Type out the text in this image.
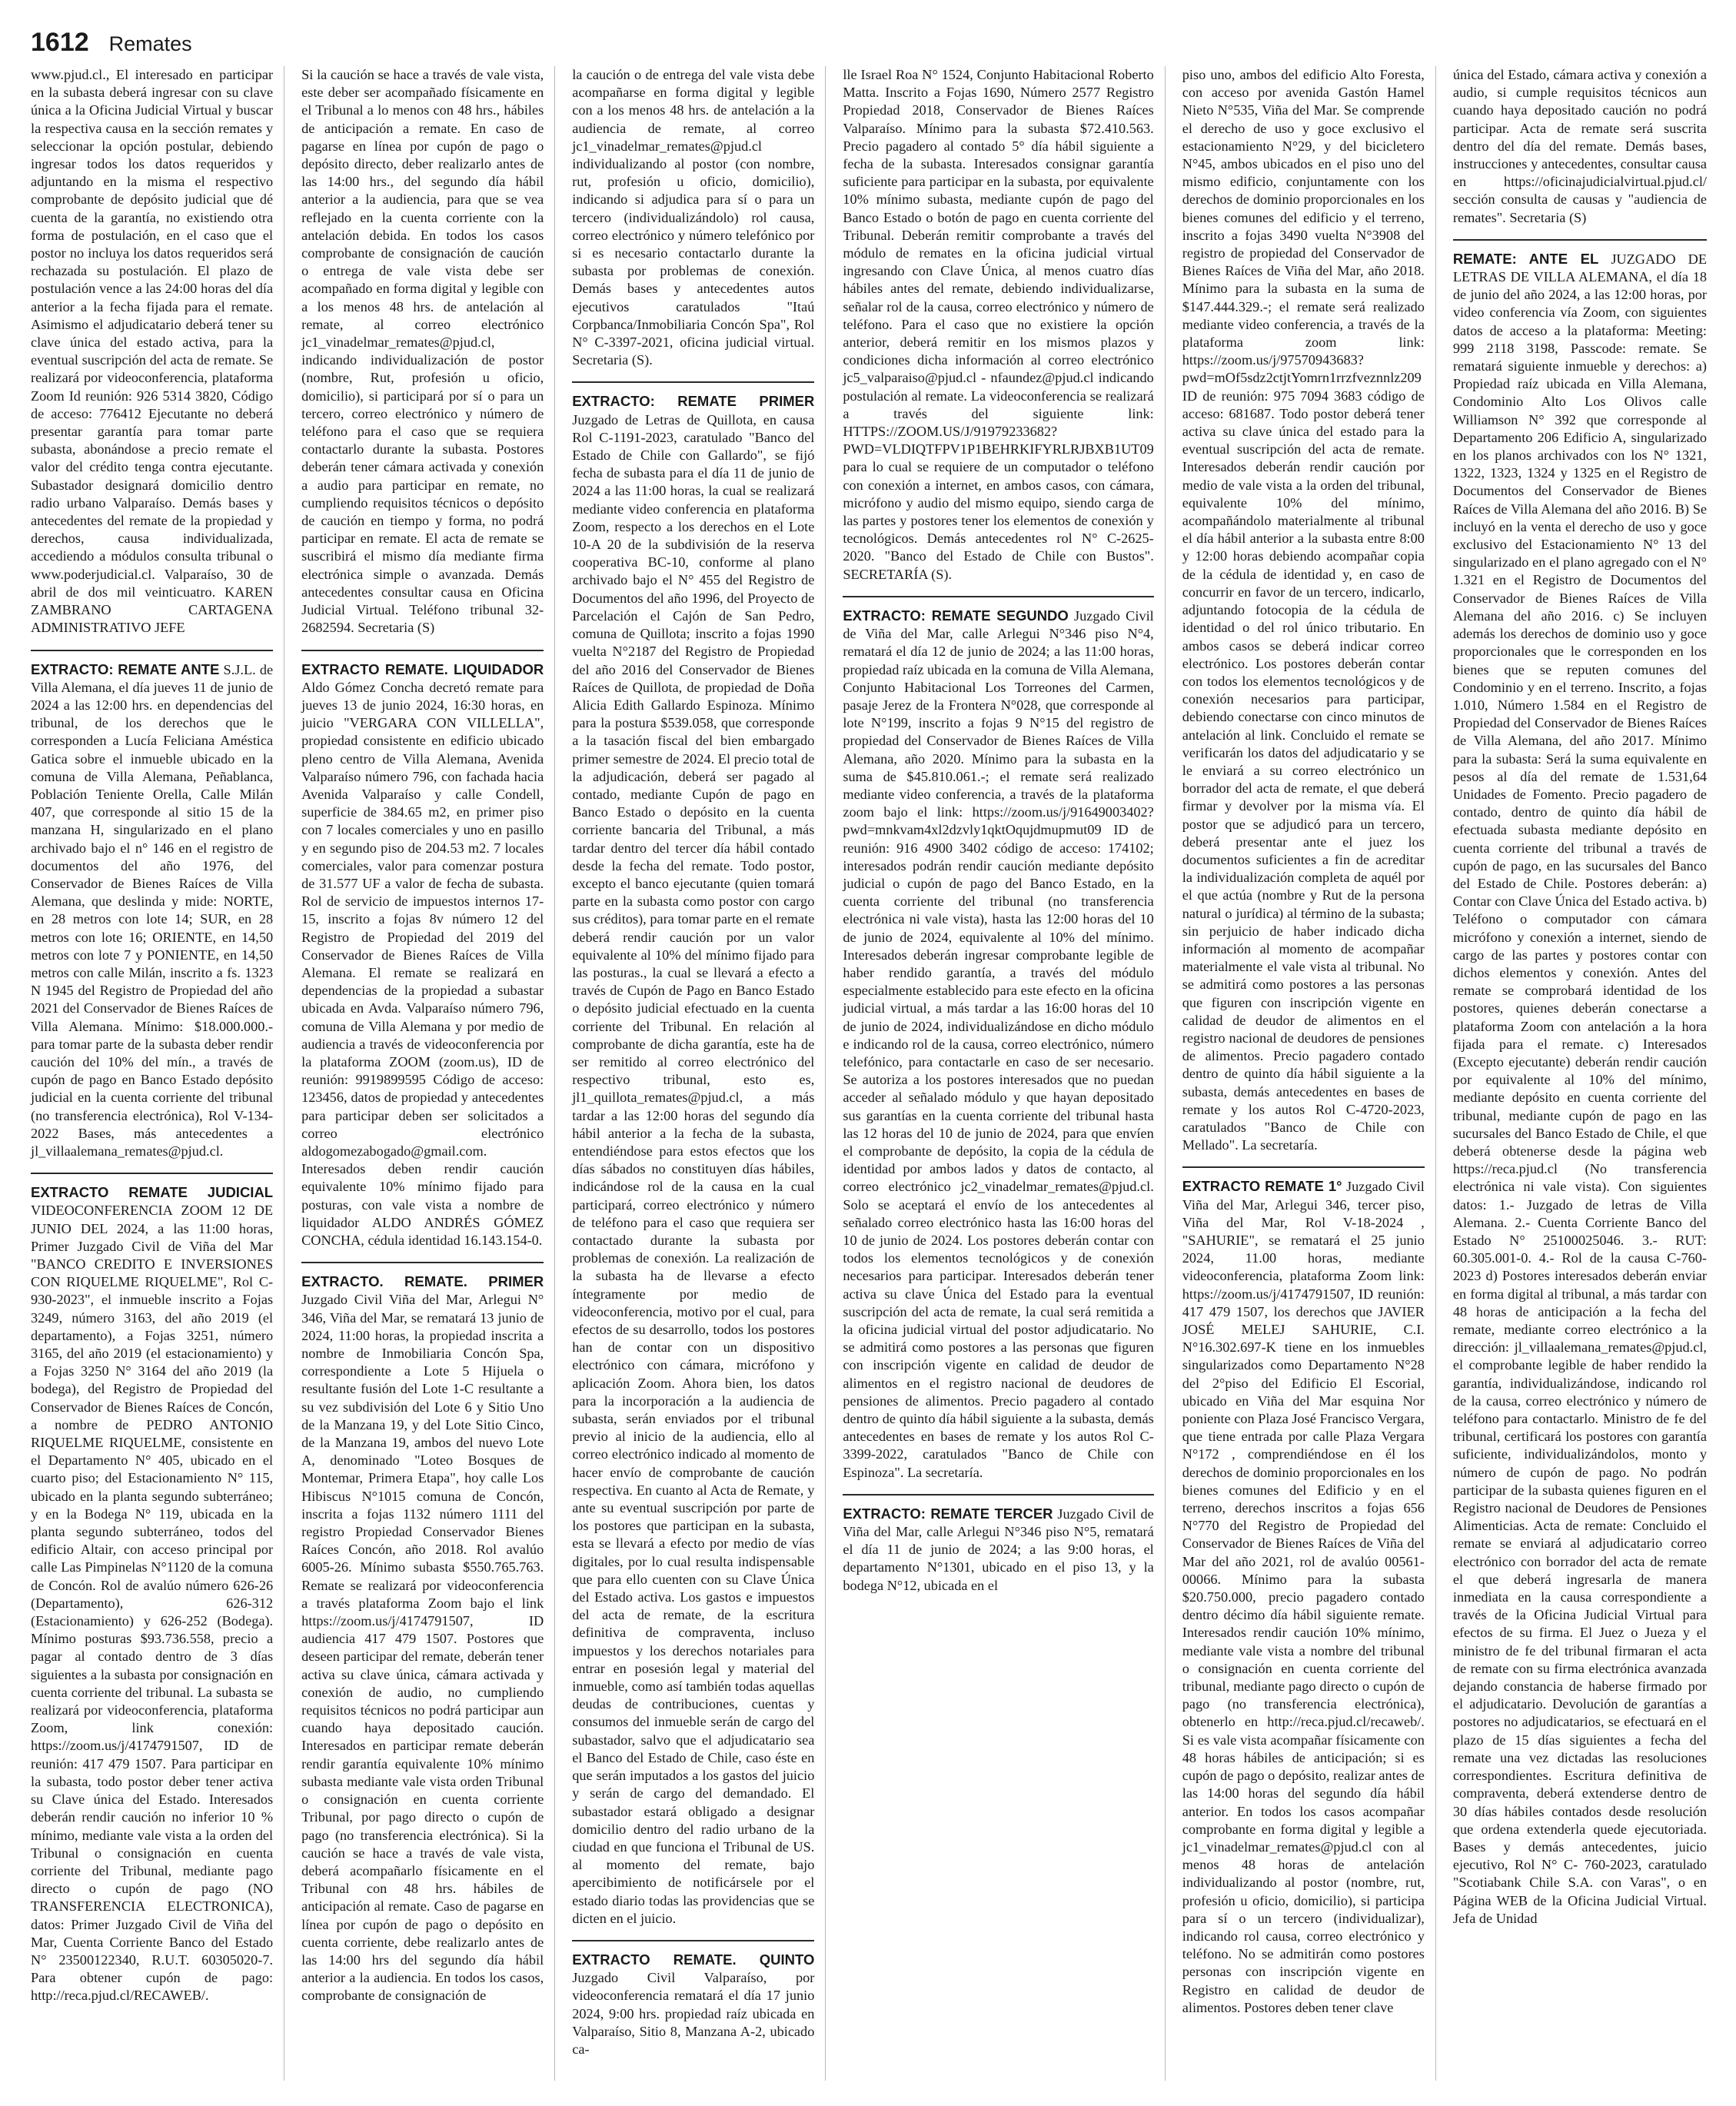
1612 Remates

www.pjud.cl., El interesado en participar en la subasta deberá ingresar con su clave única a la Oficina Judicial Virtual y buscar la respectiva causa en la sección remates y seleccionar la opción postular, debiendo ingresar todos los datos requeridos y adjuntando en la misma el respectivo comprobante de depósito judicial que dé cuenta de la garantía, no existiendo otra forma de postulación, en el caso que el postor no incluya los datos requeridos será rechazada su postulación. El plazo de postulación vence a las 24:00 horas del día anterior a la fecha fijada para el remate. Asimismo el adjudicatario deberá tener su clave única del estado activa, para la eventual suscripción del acta de remate. Se realizará por videoconferencia, plataforma Zoom Id reunión: 926 5314 3820, Código de acceso: 776412 Ejecutante no deberá presentar garantía para tomar parte subasta, abonándose a precio remate el valor del crédito tenga contra ejecutante. Subastador designará domicilio dentro radio urbano Valparaíso. Demás bases y antecedentes del remate de la propiedad y derechos, causa individualizada, accediendo a módulos consulta tribunal o www.poderjudicial.cl. Valparaíso, 30 de abril de dos mil veinticuatro. KAREN ZAMBRANO CARTAGENA ADMINISTRATIVO JEFE

EXTRACTO: REMATE ANTE S.J.L. de Villa Alemana, el día jueves 11 de junio de 2024 a las 12:00 hrs. en dependencias del tribunal, de los derechos que le corresponden a Lucía Feliciana Améstica Gatica sobre el inmueble ubicado en la comuna de Villa Alemana, Peñablanca, Población Teniente Orella, Calle Milán 407, que corresponde al sitio 15 de la manzana H, singularizado en el plano archivado bajo el n° 146 en el registro de documentos del año 1976, del Conservador de Bienes Raíces de Villa Alemana, que deslinda y mide: NORTE, en 28 metros con lote 14; SUR, en 28 metros con lote 16; ORIENTE, en 14,50 metros con lote 7 y PONIENTE, en 14,50 metros con calle Milán, inscrito a fs. 1323 N 1945 del Registro de Propiedad del año 2021 del Conservador de Bienes Raíces de Villa Alemana. Mínimo: $18.000.000.- para tomar parte de la subasta deber rendir caución del 10% del mín., a través de cupón de pago en Banco Estado depósito judicial en la cuenta corriente del tribunal (no transferencia electrónica), Rol V-134-2022 Bases, más antecedentes a jl_villaalemana_remates@pjud.cl.

EXTRACTO REMATE JUDICIAL VIDEOCONFERENCIA ZOOM 12 DE JUNIO DEL 2024, a las 11:00 horas, Primer Juzgado Civil de Viña del Mar "BANCO CREDITO E INVERSIONES CON RIQUELME RIQUELME", Rol C-930-2023", el inmueble inscrito a Fojas 3249, número 3163, del año 2019 (el departamento), a Fojas 3251, número 3165, del año 2019 (el estacionamiento) y a Fojas 3250 N° 3164 del año 2019 (la bodega), del Registro de Propiedad del Conservador de Bienes Raíces de Concón, a nombre de PEDRO ANTONIO RIQUELME RIQUELME, consistente en el Departamento N° 405, ubicado en el cuarto piso; del Estacionamiento N° 115, ubicado en la planta segundo subterráneo; y en la Bodega N° 119, ubicada en la planta segundo subterráneo, todos del edificio Altair, con acceso principal por calle Las Pimpinelas N°1120 de la comuna de Concón. Rol de avalúo número 626-26 (Departamento), 626-312 (Estacionamiento) y 626-252 (Bodega). Mínimo posturas $93.736.558, precio a pagar al contado dentro de 3 días siguientes a la subasta por consignación en cuenta corriente del tribunal. La subasta se realizará por videoconferencia, plataforma Zoom, link conexión: https://zoom.us/j/4174791507, ID de reunión: 417 479 1507. Para participar en la subasta, todo postor deber tener activa su Clave única del Estado. Interesados deberán rendir caución no inferior 10 % mínimo, mediante vale vista a la orden del Tribunal o consignación en cuenta corriente del Tribunal, mediante pago directo o cupón de pago (NO TRANSFERENCIA ELECTRONICA), datos: Primer Juzgado Civil de Viña del Mar, Cuenta Corriente Banco del Estado N° 23500122340, R.U.T. 60305020-7. Para obtener cupón de pago: http://reca.pjud.cl/RECAWEB/.

Si la caución se hace a través de vale vista, este deber ser acompañado físicamente en el Tribunal a lo menos con 48 hrs., hábiles de anticipación a remate. En caso de pagarse en línea por cupón de pago o depósito directo, deber realizarlo antes de las 14:00 hrs., del segundo día hábil anterior a la audiencia, para que se vea reflejado en la cuenta corriente con la antelación debida. En todos los casos comprobante de consignación de caución o entrega de vale vista debe ser acompañado en forma digital y legible con a los menos 48 hrs. de antelación al remate, al correo electrónico jc1_vinadelmar_remates@pjud.cl, indicando individualización de postor (nombre, Rut, profesión u oficio, domicilio), si participará por sí o para un tercero, correo electrónico y número de teléfono para el caso que se requiera contactarlo durante la subasta. Postores deberán tener cámara activada y conexión a audio para participar en remate, no cumpliendo requisitos técnicos o depósito de caución en tiempo y forma, no podrá participar en remate. El acta de remate se suscribirá el mismo día mediante firma electrónica simple o avanzada. Demás antecedentes consultar causa en Oficina Judicial Virtual. Teléfono tribunal 32-2682594. Secretaria (S)

EXTRACTO REMATE. LIQUIDADOR Aldo Gómez Concha decretó remate para jueves 13 de junio 2024, 16:30 horas, en juicio "VERGARA CON VILLELLA", propiedad consistente en edificio ubicado pleno centro de Villa Alemana, Avenida Valparaíso número 796, con fachada hacia Avenida Valparaíso y calle Condell, superficie de 384.65 m2, en primer piso con 7 locales comerciales y uno en pasillo y en segundo piso de 204.53 m2. 7 locales comerciales, valor para comenzar postura de 31.577 UF a valor de fecha de subasta. Rol de servicio de impuestos internos 17-15, inscrito a fojas 8v número 12 del Registro de Propiedad del 2019 del Conservador de Bienes Raíces de Villa Alemana. El remate se realizará en dependencias de la propiedad a subastar ubicada en Avda. Valparaíso número 796, comuna de Villa Alemana y por medio de audiencia a través de videoconferencia por la plataforma ZOOM (zoom.us), ID de reunión: 9919899595 Código de acceso: 123456, datos de propiedad y antecedentes para participar deben ser solicitados a correo electrónico aldogomezabogado@gmail.com. Interesados deben rendir caución equivalente 10% mínimo fijado para posturas, con vale vista a nombre de liquidador ALDO ANDRÉS GÓMEZ CONCHA, cédula identidad 16.143.154-0.

EXTRACTO. REMATE. PRIMER Juzgado Civil Viña del Mar, Arlegui N° 346, Viña del Mar, se rematará 13 junio de 2024, 11:00 horas, la propiedad inscrita a nombre de Inmobiliaria Concón Spa, correspondiente a Lote 5 Hijuela o resultante fusión del Lote 1-C resultante a su vez subdivisión del Lote 6 y Sitio Uno de la Manzana 19, y del Lote Sitio Cinco, de la Manzana 19, ambos del nuevo Lote A, denominado "Loteo Bosques de Montemar, Primera Etapa", hoy calle Los Hibiscus N°1015 comuna de Concón, inscrita a fojas 1132 número 1111 del registro Propiedad Conservador Bienes Raíces Concón, año 2018. Rol avalúo 6005-26. Mínimo subasta $550.765.763. Remate se realizará por videoconferencia a través plataforma Zoom bajo el link https://zoom.us/j/4174791507, ID audiencia 417 479 1507. Postores que deseen participar del remate, deberán tener activa su clave única, cámara activada y conexión de audio, no cumpliendo requisitos técnicos no podrá participar aun cuando haya depositado caución. Interesados en participar remate deberán rendir garantía equivalente 10% mínimo subasta mediante vale vista orden Tribunal o consignación en cuenta corriente Tribunal, por pago directo o cupón de pago (no transferencia electrónica). Si la caución se hace a través de vale vista, deberá acompañarlo físicamente en el Tribunal con 48 hrs. hábiles de anticipación al remate. Caso de pagarse en línea por cupón de pago o depósito en cuenta corriente, debe realizarlo antes de las 14:00 hrs del segundo día hábil anterior a la audiencia. En todos los casos, comprobante de consignación de

la caución o de entrega del vale vista debe acompañarse en forma digital y legible con a los menos 48 hrs. de antelación a la audiencia de remate, al correo jc1_vinadelmar_remates@pjud.cl individualizando al postor (con nombre, rut, profesión u oficio, domicilio), indicando si adjudica para sí o para un tercero (individualizándolo) rol causa, correo electrónico y número telefónico por si es necesario contactarlo durante la subasta por problemas de conexión. Demás bases y antecedentes autos ejecutivos caratulados "Itaú Corpbanca/Inmobiliaria Concón Spa", Rol N° C-3397-2021, oficina judicial virtual. Secretaria (S).

EXTRACTO: REMATE PRIMER Juzgado de Letras de Quillota, en causa Rol C-1191-2023, caratulado "Banco del Estado de Chile con Gallardo", se fijó fecha de subasta para el día 11 de junio de 2024 a las 11:00 horas, la cual se realizará mediante video conferencia en plataforma Zoom, respecto a los derechos en el Lote 10-A 20 de la subdivisión de la reserva cooperativa BC-10, conforme al plano archivado bajo el N° 455 del Registro de Documentos del año 1996, del Proyecto de Parcelación el Cajón de San Pedro, comuna de Quillota; inscrito a fojas 1990 vuelta N°2187 del Registro de Propiedad del año 2016 del Conservador de Bienes Raíces de Quillota, de propiedad de Doña Alicia Edith Gallardo Espinoza. Mínimo para la postura $539.058, que corresponde a la tasación fiscal del bien embargado primer semestre de 2024. El precio total de la adjudicación, deberá ser pagado al contado, mediante Cupón de pago en Banco Estado o depósito en la cuenta corriente bancaria del Tribunal, a más tardar dentro del tercer día hábil contado desde la fecha del remate. Todo postor, excepto el banco ejecutante (quien tomará parte en la subasta como postor con cargo sus créditos), para tomar parte en el remate deberá rendir caución por un valor equivalente al 10% del mínimo fijado para las posturas., la cual se llevará a efecto a través de Cupón de Pago en Banco Estado o depósito judicial efectuado en la cuenta corriente del Tribunal. En relación al comprobante de dicha garantía, este ha de ser remitido al correo electrónico del respectivo tribunal, esto es, jl1_quillota_remates@pjud.cl, a más tardar a las 12:00 horas del segundo día hábil anterior a la fecha de la subasta, entendiéndose para estos efectos que los días sábados no constituyen días hábiles, indicándose rol de la causa en la cual participará, correo electrónico y número de teléfono para el caso que requiera ser contactado durante la subasta por problemas de conexión. La realización de la subasta ha de llevarse a efecto íntegramente por medio de videoconferencia, motivo por el cual, para efectos de su desarrollo, todos los postores han de contar con un dispositivo electrónico con cámara, micrófono y aplicación Zoom. Ahora bien, los datos para la incorporación a la audiencia de subasta, serán enviados por el tribunal previo al inicio de la audiencia, ello al correo electrónico indicado al momento de hacer envío de comprobante de caución respectiva. En cuanto al Acta de Remate, y ante su eventual suscripción por parte de los postores que participan en la subasta, esta se llevará a efecto por medio de vías digitales, por lo cual resulta indispensable que para ello cuenten con su Clave Única del Estado activa. Los gastos e impuestos del acta de remate, de la escritura definitiva de compraventa, incluso impuestos y los derechos notariales para entrar en posesión legal y material del inmueble, como así también todas aquellas deudas de contribuciones, cuentas y consumos del inmueble serán de cargo del subastador, salvo que el adjudicatario sea el Banco del Estado de Chile, caso éste en que serán imputados a los gastos del juicio y serán de cargo del demandado. El subastador estará obligado a designar domicilio dentro del radio urbano de la ciudad en que funciona el Tribunal de US. al momento del remate, bajo apercibimiento de notificársele por el estado diario todas las providencias que se dicten en el juicio.

EXTRACTO REMATE. QUINTO Juzgado Civil Valparaíso, por videoconferencia rematará el día 17 junio 2024, 9:00 hrs. propiedad raíz ubicada en Valparaíso, Sitio 8, Manzana A-2, ubicado ca-

lle Israel Roa N° 1524, Conjunto Habitacional Roberto Matta. Inscrito a Fojas 1690, Número 2577 Registro Propiedad 2018, Conservador de Bienes Raíces Valparaíso. Mínimo para la subasta $72.410.563. Precio pagadero al contado 5° día hábil siguiente a fecha de la subasta. Interesados consignar garantía suficiente para participar en la subasta, por equivalente 10% mínimo subasta, mediante cupón de pago del Banco Estado o botón de pago en cuenta corriente del Tribunal. Deberán remitir comprobante a través del módulo de remates en la oficina judicial virtual ingresando con Clave Única, al menos cuatro días hábiles antes del remate, debiendo individualizarse, señalar rol de la causa, correo electrónico y número de teléfono. Para el caso que no existiere la opción anterior, deberá remitir en los mismos plazos y condiciones dicha información al correo electrónico jc5_valparaiso@pjud.cl - nfaundez@pjud.cl indicando postulación al remate. La videoconferencia se realizará a través del siguiente link: HTTPS://ZOOM.US/J/91979233682?PWD=VLDIQTFPV1P1BEHRKIFYRLRJBXB1UT09 para lo cual se requiere de un computador o teléfono con conexión a internet, en ambos casos, con cámara, micrófono y audio del mismo equipo, siendo carga de las partes y postores tener los elementos de conexión y tecnológicos. Demás antecedentes rol N° C-2625-2020. "Banco del Estado de Chile con Bustos". SECRETARÍA (S).

EXTRACTO: REMATE SEGUNDO Juzgado Civil de Viña del Mar, calle Arlegui N°346 piso N°4, rematará el día 12 de junio de 2024; a las 11:00 horas, propiedad raíz ubicada en la comuna de Villa Alemana, Conjunto Habitacional Los Torreones del Carmen, pasaje Jerez de la Frontera N°028, que corresponde al lote N°199, inscrito a fojas 9 N°15 del registro de propiedad del Conservador de Bienes Raíces de Villa Alemana, año 2020. Mínimo para la subasta en la suma de $45.810.061.-; el remate será realizado mediante video conferencia, a través de la plataforma zoom bajo el link: https://zoom.us/j/91649003402?pwd=mnkvam4xl2dzvly1qktOqujdmupmut09 ID de reunión: 916 4900 3402 código de acceso: 174102; interesados podrán rendir caución mediante depósito judicial o cupón de pago del Banco Estado, en la cuenta corriente del tribunal (no transferencia electrónica ni vale vista), hasta las 12:00 horas del 10 de junio de 2024, equivalente al 10% del mínimo. Interesados deberán ingresar comprobante legible de haber rendido garantía, a través del módulo especialmente establecido para este efecto en la oficina judicial virtual, a más tardar a las 16:00 horas del 10 de junio de 2024, individualizándose en dicho módulo e indicando rol de la causa, correo electrónico, número telefónico, para contactarle en caso de ser necesario. Se autoriza a los postores interesados que no puedan acceder al señalado módulo y que hayan depositado sus garantías en la cuenta corriente del tribunal hasta las 12 horas del 10 de junio de 2024, para que envíen el comprobante de depósito, la copia de la cédula de identidad por ambos lados y datos de contacto, al correo electrónico jc2_vinadelmar_remates@pjud.cl. Solo se aceptará el envío de los antecedentes al señalado correo electrónico hasta las 16:00 horas del 10 de junio de 2024. Los postores deberán contar con todos los elementos tecnológicos y de conexión necesarios para participar. Interesados deberán tener activa su clave Única del Estado para la eventual suscripción del acta de remate, la cual será remitida a la oficina judicial virtual del postor adjudicatario. No se admitirá como postores a las personas que figuren con inscripción vigente en calidad de deudor de alimentos en el registro nacional de deudores de pensiones de alimentos. Precio pagadero al contado dentro de quinto día hábil siguiente a la subasta, demás antecedentes en bases de remate y los autos Rol C-3399-2022, caratulados "Banco de Chile con Espinoza". La secretaría.

EXTRACTO: REMATE TERCER Juzgado Civil de Viña del Mar, calle Arlegui N°346 piso N°5, rematará el día 11 de junio de 2024; a las 9:00 horas, el departamento N°1301, ubicado en el piso 13, y la bodega N°12, ubicada en el

piso uno, ambos del edificio Alto Foresta, con acceso por avenida Gastón Hamel Nieto N°535, Viña del Mar. Se comprende el derecho de uso y goce exclusivo el estacionamiento N°29, y del bicicletero N°45, ambos ubicados en el piso uno del mismo edificio, conjuntamente con los derechos de dominio proporcionales en los bienes comunes del edificio y el terreno, inscrito a fojas 3490 vuelta N°3908 del registro de propiedad del Conservador de Bienes Raíces de Viña del Mar, año 2018. Mínimo para la subasta en la suma de $147.444.329.-; el remate será realizado mediante video conferencia, a través de la plataforma zoom link: https://zoom.us/j/97570943683?pwd=mOf5sdz2ctjtYomrn1rrzfveznnlz209 ID de reunión: 975 7094 3683 código de acceso: 681687. Todo postor deberá tener activa su clave única del estado para la eventual suscripción del acta de remate. Interesados deberán rendir caución por medio de vale vista a la orden del tribunal, equivalente 10% del mínimo, acompañándolo materialmente al tribunal el día hábil anterior a la subasta entre 8:00 y 12:00 horas debiendo acompañar copia de la cédula de identidad y, en caso de concurrir en favor de un tercero, indicarlo, adjuntando fotocopia de la cédula de identidad o del rol único tributario. En ambos casos se deberá indicar correo electrónico. Los postores deberán contar con todos los elementos tecnológicos y de conexión necesarios para participar, debiendo conectarse con cinco minutos de antelación al link. Concluido el remate se verificarán los datos del adjudicatario y se le enviará a su correo electrónico un borrador del acta de remate, el que deberá firmar y devolver por la misma vía. El postor que se adjudicó para un tercero, deberá presentar ante el juez los documentos suficientes a fin de acreditar la individualización completa de aquél por el que actúa (nombre y Rut de la persona natural o jurídica) al término de la subasta; sin perjuicio de haber indicado dicha información al momento de acompañar materialmente el vale vista al tribunal. No se admitirá como postores a las personas que figuren con inscripción vigente en calidad de deudor de alimentos en el registro nacional de deudores de pensiones de alimentos. Precio pagadero contado dentro de quinto día hábil siguiente a la subasta, demás antecedentes en bases de remate y los autos Rol C-4720-2023, caratulados "Banco de Chile con Mellado". La secretaría.

EXTRACTO REMATE 1° Juzgado Civil Viña del Mar, Arlegui 346, tercer piso, Viña del Mar, Rol V-18-2024 , "SAHURIE", se rematará el 25 junio 2024, 11.00 horas, mediante videoconferencia, plataforma Zoom link: https://zoom.us/j/4174791507, ID reunión: 417 479 1507, los derechos que JAVIER JOSÉ MELEJ SAHURIE, C.I. N°16.302.697-K tiene en los inmuebles singularizados como Departamento N°28 del 2°piso del Edificio El Escorial, ubicado en Viña del Mar esquina Nor poniente con Plaza José Francisco Vergara, que tiene entrada por calle Plaza Vergara N°172 , comprendiéndose en él los derechos de dominio proporcionales en los bienes comunes del Edificio y en el terreno, derechos inscritos a fojas 656 N°770 del Registro de Propiedad del Conservador de Bienes Raíces de Viña del Mar del año 2021, rol de avalúo 00561-00066. Mínimo para la subasta $20.750.000, precio pagadero contado dentro décimo día hábil siguiente remate. Interesados rendir caución 10% mínimo, mediante vale vista a nombre del tribunal o consignación en cuenta corriente del tribunal, mediante pago directo o cupón de pago (no transferencia electrónica), obtenerlo en http://reca.pjud.cl/recaweb/. Si es vale vista acompañar físicamente con 48 horas hábiles de anticipación; si es cupón de pago o depósito, realizar antes de las 14:00 horas del segundo día hábil anterior. En todos los casos acompañar comprobante en forma digital y legible a jc1_vinadelmar_remates@pjud.cl con al menos 48 horas de antelación individualizando al postor (nombre, rut, profesión u oficio, domicilio), si participa para sí o un tercero (individualizar), indicando rol causa, correo electrónico y teléfono. No se admitirán como postores personas con inscripción vigente en Registro en calidad de deudor de alimentos. Postores deben tener clave

única del Estado, cámara activa y conexión a audio, si cumple requisitos técnicos aun cuando haya depositado caución no podrá participar. Acta de remate será suscrita dentro del día del remate. Demás bases, instrucciones y antecedentes, consultar causa en https://oficinajudicialvirtual.pjud.cl/ sección consulta de causas y "audiencia de remates". Secretaria (S)

REMATE: ANTE EL JUZGADO DE LETRAS DE VILLA ALEMANA, el día 18 de junio del año 2024, a las 12:00 horas, por video conferencia vía Zoom, con siguientes datos de acceso a la plataforma: Meeting: 999 2118 3198, Passcode: remate. Se rematará siguiente inmueble y derechos: a) Propiedad raíz ubicada en Villa Alemana, Condominio Alto Los Olivos calle Williamson N° 392 que corresponde al Departamento 206 Edificio A, singularizado en los planos archivados con los N° 1321, 1322, 1323, 1324 y 1325 en el Registro de Documentos del Conservador de Bienes Raíces de Villa Alemana del año 2016. B) Se incluyó en la venta el derecho de uso y goce exclusivo del Estacionamiento N° 13 del singularizado en el plano agregado con el N° 1.321 en el Registro de Documentos del Conservador de Bienes Raíces de Villa Alemana del año 2016. c) Se incluyen además los derechos de dominio uso y goce proporcionales que le corresponden en los bienes que se reputen comunes del Condominio y en el terreno. Inscrito, a fojas 1.010, Número 1.584 en el Registro de Propiedad del Conservador de Bienes Raíces de Villa Alemana, del año 2017. Mínimo para la subasta: Será la suma equivalente en pesos al día del remate de 1.531,64 Unidades de Fomento. Precio pagadero de contado, dentro de quinto día hábil de efectuada subasta mediante depósito en cuenta corriente del tribunal a través de cupón de pago, en las sucursales del Banco del Estado de Chile. Postores deberán: a) Contar con Clave Única del Estado activa. b) Teléfono o computador con cámara micrófono y conexión a internet, siendo de cargo de las partes y postores contar con dichos elementos y conexión. Antes del remate se comprobará identidad de los postores, quienes deberán conectarse a plataforma Zoom con antelación a la hora fijada para el remate. c) Interesados (Excepto ejecutante) deberán rendir caución por equivalente al 10% del mínimo, mediante depósito en cuenta corriente del tribunal, mediante cupón de pago en las sucursales del Banco Estado de Chile, el que deberá obtenerse desde la página web https://reca.pjud.cl (No transferencia electrónica ni vale vista). Con siguientes datos: 1.- Juzgado de letras de Villa Alemana. 2.- Cuenta Corriente Banco del Estado N° 25100025046. 3.- RUT: 60.305.001-0. 4.- Rol de la causa C-760-2023 d) Postores interesados deberán enviar en forma digital al tribunal, a más tardar con 48 horas de anticipación a la fecha del remate, mediante correo electrónico a la dirección: jl_villaalemana_remates@pjud.cl, el comprobante legible de haber rendido la garantía, individualizándose, indicando rol de la causa, correo electrónico y número de teléfono para contactarlo. Ministro de fe del tribunal, certificará los postores con garantía suficiente, individualizándolos, monto y número de cupón de pago. No podrán participar de la subasta quienes figuren en el Registro nacional de Deudores de Pensiones Alimenticias. Acta de remate: Concluido el remate se enviará al adjudicatario correo electrónico con borrador del acta de remate el que deberá ingresarla de manera inmediata en la causa correspondiente a través de la Oficina Judicial Virtual para efectos de su firma. El Juez o Jueza y el ministro de fe del tribunal firmaran el acta de remate con su firma electrónica avanzada dejando constancia de haberse firmado por el adjudicatario. Devolución de garantías a postores no adjudicatarios, se efectuará en el plazo de 15 días siguientes a fecha del remate una vez dictadas las resoluciones correspondientes. Escritura definitiva de compraventa, deberá extenderse dentro de 30 días hábiles contados desde resolución que ordena extenderla quede ejecutoriada. Bases y demás antecedentes, juicio ejecutivo, Rol N° C- 760-2023, caratulado "Scotiabank Chile S.A. con Varas", o en Página WEB de la Oficina Judicial Virtual. Jefa de Unidad
